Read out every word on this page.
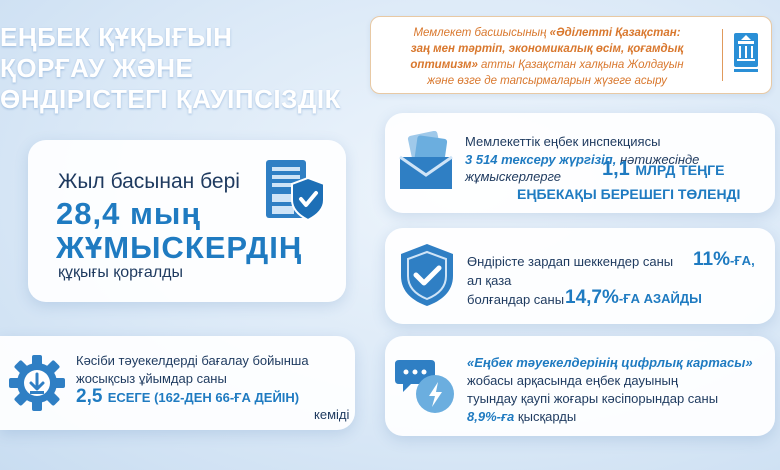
ЕҢБЕК ҚҰҚЫҒЫН
ҚОРҒАУ ЖӘНЕ
ӨНДІРІСТЕГІ ҚАУІПСІЗДІК
Мемлекет басшысының «Әділетті Қазақстан:
заң мен тәртіп, экономикалық өсім, қоғамдық
оптимизм» атты Қазақстан халқына Жолдауын
және өзге де тапсырмаларын жүзеге асыру
Жыл басынан бері
28,4 мың
ЖҰМЫСКЕРДІҢ
құқығы қорғалды
Мемлекеттік еңбек инспекциясы
3 514 тексеру жүргізіп, нәтижесінде
жұмыскерлерге 1,1 МЛРД ТЕҢГЕ
ЕҢБЕКАҚЫ БЕРЕШЕГІ ТӨЛЕНДІ
Өндірісте зардап шеккендер саны 11%-ҒА,
ал қаза
болғандар саны 14,7%-ҒА АЗАЙДЫ
Кәсіби тәуекелдерді бағалау бойынша
жосықсыз ұйымдар саны
2,5 ЕСЕГЕ (162-ДЕН 66-ҒА ДЕЙІН)
кеміді
«Еңбек тәуекелдерінің цифрлық картасы»
жобасы арқасында еңбек дауының
туындау қаупі жоғары кәсіпорындар саны
8,9%-ға қысқарды
